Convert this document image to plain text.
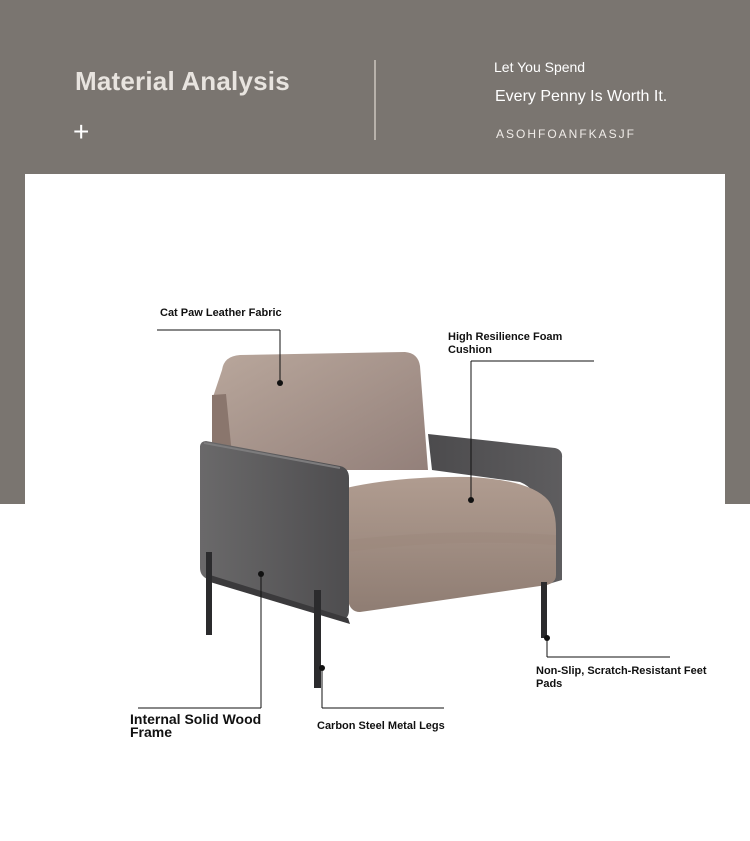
Material Analysis
+
Let You Spend
Every Penny Is Worth It.
ASOHFOANFKASJF
Cat Paw Leather Fabric
High Resilience Foam
Cushion
Internal Solid Wood
Frame	Carbon Steel Metal Legs
Non-Slip, Scratch-Resistant Feet
Pads
